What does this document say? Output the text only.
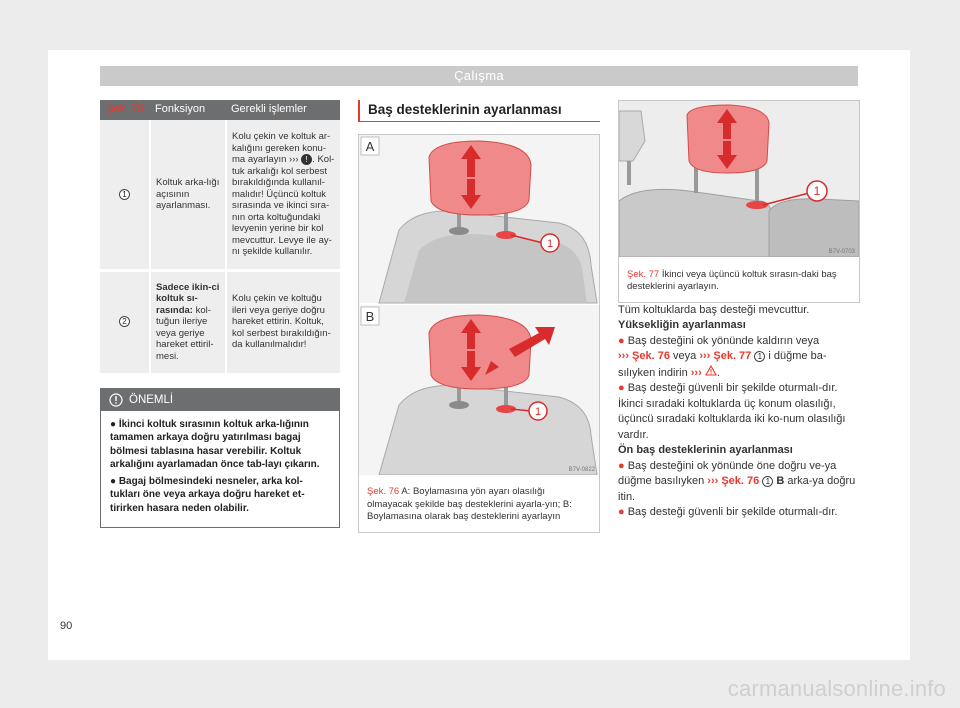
Çalışma
Şek. 75	Fonksiyon	Gerekli işlemler
1	Koltuk arka-lığı açısının ayarlanması.	Kolu çekin ve koltuk ar-kalığını gereken konu-ma ayarlayın ››› ! . Kol-tuk arkalığı kol serbest bırakıldığında kullanıl-malıdır! Üçüncü koltuk sırasında ve ikinci sıra-nın orta koltuğundaki levyenin yerine bir kol mevcuttur. Levye ile ay-nı şekilde kullanılır.
2	Sadece ikin-ci koltuk sı-rasında: kol-tuğun ileriye veya geriye hareket ettiril-mesi.	Kolu çekin ve koltuğu ileri veya geriye doğru hareket ettirin. Koltuk, kol serbest bırakıldığın-da kullanılmalıdır!
ÖNEMLİ

● İkinci koltuk sırasının koltuk arka-lığının tamamen arkaya doğru yatırılması bagaj bölmesi tablasına hasar verebilir. Koltuk arkalığını ayarlamadan önce tab-layı çıkarın.

● Bagaj bölmesindeki nesneler, arka kol-tukları öne veya arkaya doğru hareket et-tirirken hasara neden olabilir.

Baş desteklerinin ayarlanması
A
B
1
1
B7V-0822
Şek. 76 A: Boylamasına yön ayarı olasılığı olmayacak şekilde baş desteklerini ayarla-yın; B: Boylamasına olarak baş desteklerini ayarlayın
1
B7V-0703
Şek. 77 İkinci veya üçüncü koltuk sırasın-daki baş desteklerini ayarlayın.

Tüm koltuklarda baş desteği mevcuttur.

Yüksekliğin ayarlanması

● Baş desteğini ok yönünde kaldırın veya
››› Şek. 76 veya ››› Şek. 77 1 i düğme ba-sılıyken indirin ››› .

● Baş desteği güvenli bir şekilde oturmalı-dır. İkinci sıradaki koltuklarda üç konum olasılığı, üçüncü sıradaki koltuklarda iki ko-num olasılığı vardır.

Ön baş desteklerinin ayarlanması

● Baş desteğini ok yönünde öne doğru ve-ya düğme basılıyken ››› Şek. 76 1 B arka-ya doğru itin.

● Baş desteği güvenli bir şekilde oturmalı-dır.

90
carmanualsonline.info
